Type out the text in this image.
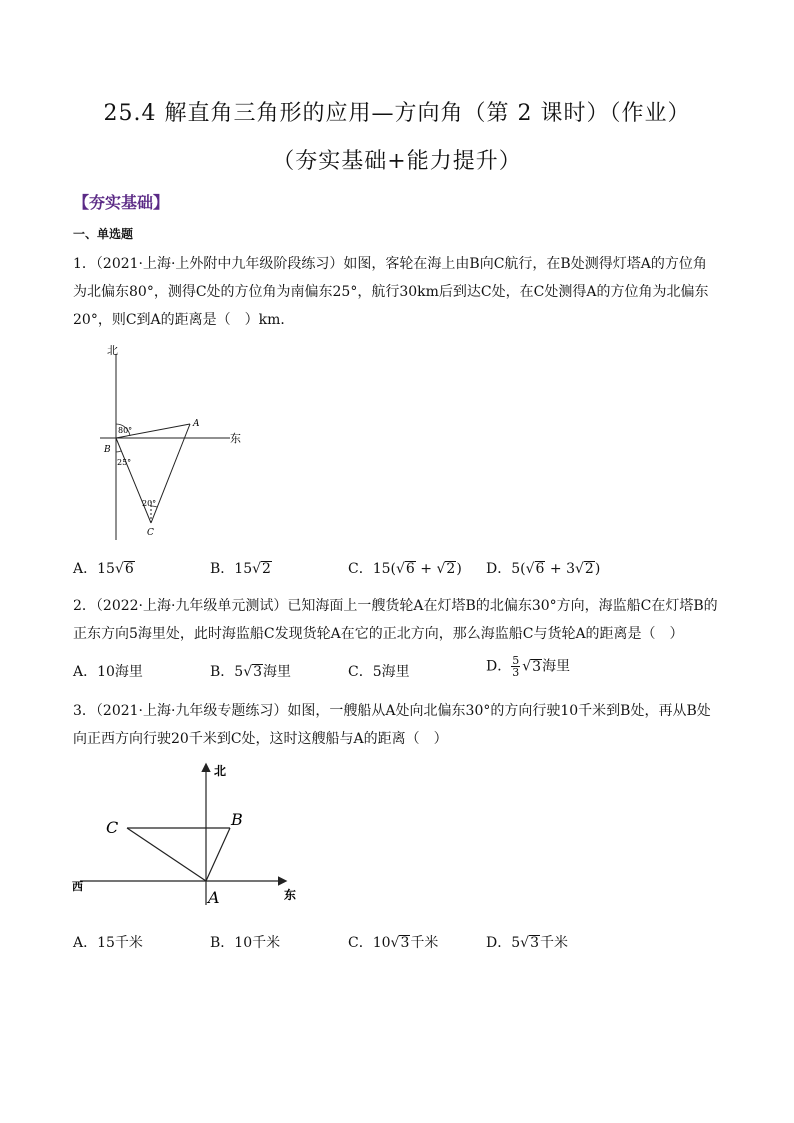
25.4 解直角三角形的应用—方向角（第 2 课时）（作业）
（夯实基础+能力提升）
【夯实基础】
一、单选题
1．（2021·上海·上外附中九年级阶段练习）如图，客轮在海上由B向C航行，在B处测得灯塔A的方位角
为北偏东80°，测得C处的方位角为南偏东25°，航行30km后到达C处，在C处测得A的方位角为北偏东
20°，则C到A的距离是（　）km．
北
东
A
B
C
80°
25°
20°
A．15√6	B．15√2	C．15(√6 + √2) D．5(√6 + 3√2)
2．（2022·上海·九年级单元测试）已知海面上一艘货轮A在灯塔B的北偏东30°方向，海监船C在灯塔B的
正东方向5海里处，此时海监船C发现货轮A在它的正北方向，那么海监船C与货轮A的距离是（　）
A．10海里	B．5√3海里	C．5海里	D． $\frac{5}{3} √3$海里
3．（2021·上海·九年级专题练习）如图，一艘船从A处向北偏东30°的方向行驶10千米到B处，再从B处
向正西方向行驶20千米到C处，这时这艘船与A的距离（　）
北
东
西
A
B
C
A．15千米	B．10千米	C．10√3千米	D．5√3千米
